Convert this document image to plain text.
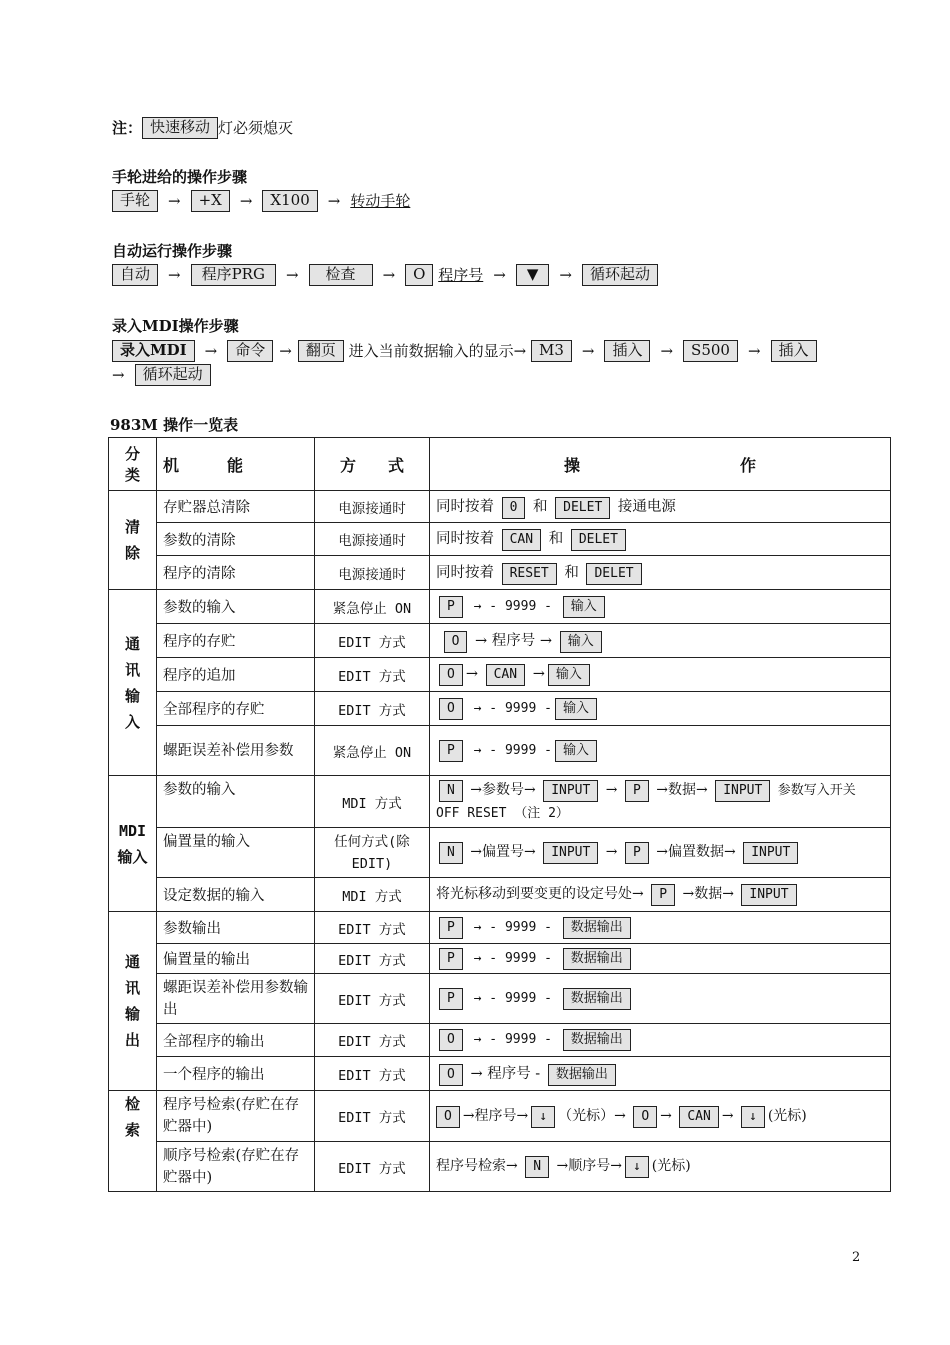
注： 快速移动 灯必须熄灭
手轮进给的操作步骤
手轮	→	+X	→	X100	→ 转动手轮
自动运行操作步骤
自动	→	程序PRG	→	检查	→	O
程序号 →	▼	→	循环起动
录入MDI操作步骤
录入MDI	→	命令 → 翻页
进入当前数据输入的显示→
M3	→	插入	→	S500	→	插入
→	循环起动
983M 操作一览表
分类	机　　　能	方　　式	操　　　　　　　　　　作
清除	存贮器总清除	电源接通时	同时按着 0 和 DELET 接通电源
	参数的清除	电源接通时	同时按着 CAN 和 DELET
	程序的清除	电源接通时	同时按着 RESET 和 DELET
通讯输入	参数的输入	紧急停止 ON	P → - 9999 - 输入
	程序的存贮	EDIT 方式	O → 程序号 → 输入
	程序的追加	EDIT 方式	O → CAN → 输入
	全部程序的存贮	EDIT 方式	O → - 9999 - 输入
	螺距误差补偿用参数	紧急停止 ON	P → - 9999 - 输入
MDI输入	参数的输入	MDI 方式	N →参数号→ INPUT → P →数据→ INPUT 参数写入开关 OFF RESET （注 2）
	偏置量的输入	任何方式(除 EDIT)	N →偏置号→ INPUT → P →偏置数据→ INPUT
	设定数据的输入	MDI 方式	将光标移动到要变更的设定号处→ P →数据→ INPUT
通讯输出	参数输出	EDIT 方式	P → - 9999 - 数据输出
	偏置量的输出	EDIT 方式	P → - 9999 - 数据输出
	螺距误差补偿用参数输出	EDIT 方式	P → - 9999 - 数据输出
	全部程序的输出	EDIT 方式	O → - 9999 - 数据输出
	一个程序的输出	EDIT 方式	O → 程序号 - 数据输出
检索	程序号检索(存贮在存贮器中)	EDIT 方式	O →程序号→ ↓ （光标）→ O → CAN → ↓ (光标)
	顺序号检索(存贮在存贮器中)	EDIT 方式	程序号检索→ N →顺序号→ ↓ (光标)
2
